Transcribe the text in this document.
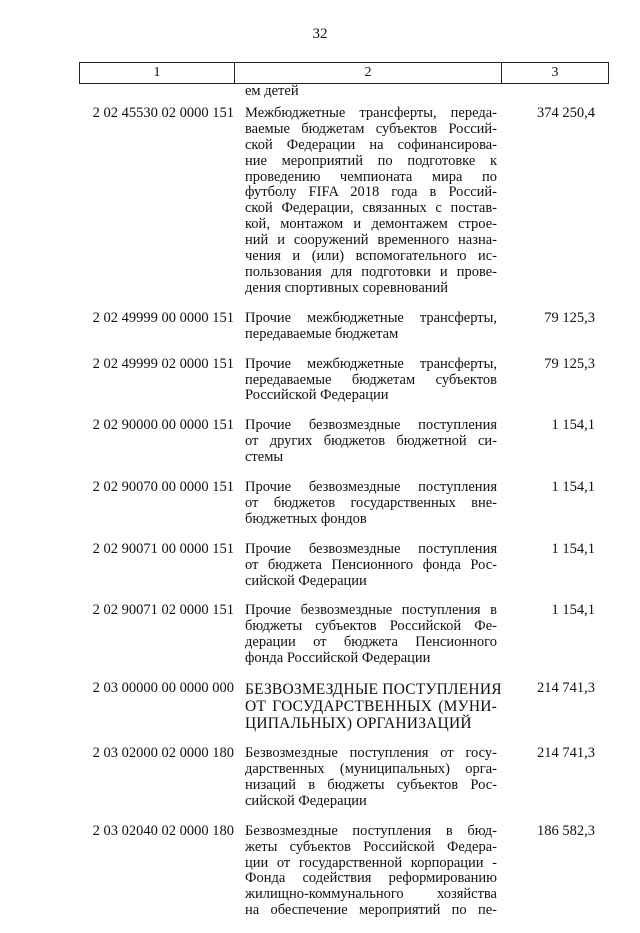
32
1	2	3
ем детей
2 02 45530 02 0000 151 Межбюджетные трансферты, переда-
ваемые бюджетам субъектов Россий-
ской Федерации на софинансирова-
ние мероприятий по подготовке к
проведению чемпионата мира по
футболу FIFA 2018 года в Россий-
ской Федерации, связанных с постав-
кой, монтажом и демонтажем строе-
ний и сооружений временного назна-
чения и (или) вспомогательного ис-
пользования для подготовки и прове-
дения спортивных соревнований
374 250,4
2 02 49999 00 0000 151 Прочие межбюджетные трансферты,
передаваемые бюджетам
79 125,3
2 02 49999 02 0000 151 Прочие межбюджетные трансферты,
передаваемые бюджетам субъектов
Российской Федерации
79 125,3
2 02 90000 00 0000 151 Прочие безвозмездные поступления
от других бюджетов бюджетной си-
стемы
1 154,1
2 02 90070 00 0000 151 Прочие безвозмездные поступления
от бюджетов государственных вне-
бюджетных фондов
1 154,1
2 02 90071 00 0000 151 Прочие безвозмездные поступления
от бюджета Пенсионного фонда Рос-
сийской Федерации
1 154,1
2 02 90071 02 0000 151 Прочие безвозмездные поступления в
бюджеты субъектов Российской Фе-
дерации от бюджета Пенсионного
фонда Российской Федерации
1 154,1
2 03 00000 00 0000 000 БЕЗВОЗМЕЗДНЫЕ ПОСТУПЛЕНИЯ
ОТ ГОСУДАРСТВЕННЫХ (МУНИ-
ЦИПАЛЬНЫХ) ОРГАНИЗАЦИЙ
214 741,3
2 03 02000 02 0000 180 Безвозмездные поступления от госу-
дарственных (муниципальных) орга-
низаций в бюджеты субъектов Рос-
сийской Федерации
214 741,3
2 03 02040 02 0000 180 Безвозмездные поступления в бюд-
жеты субъектов Российской Федера-
ции от государственной корпорации -
Фонда содействия реформированию
жилищно-коммунального хозяйства
на обеспечение мероприятий по пе-
186 582,3
